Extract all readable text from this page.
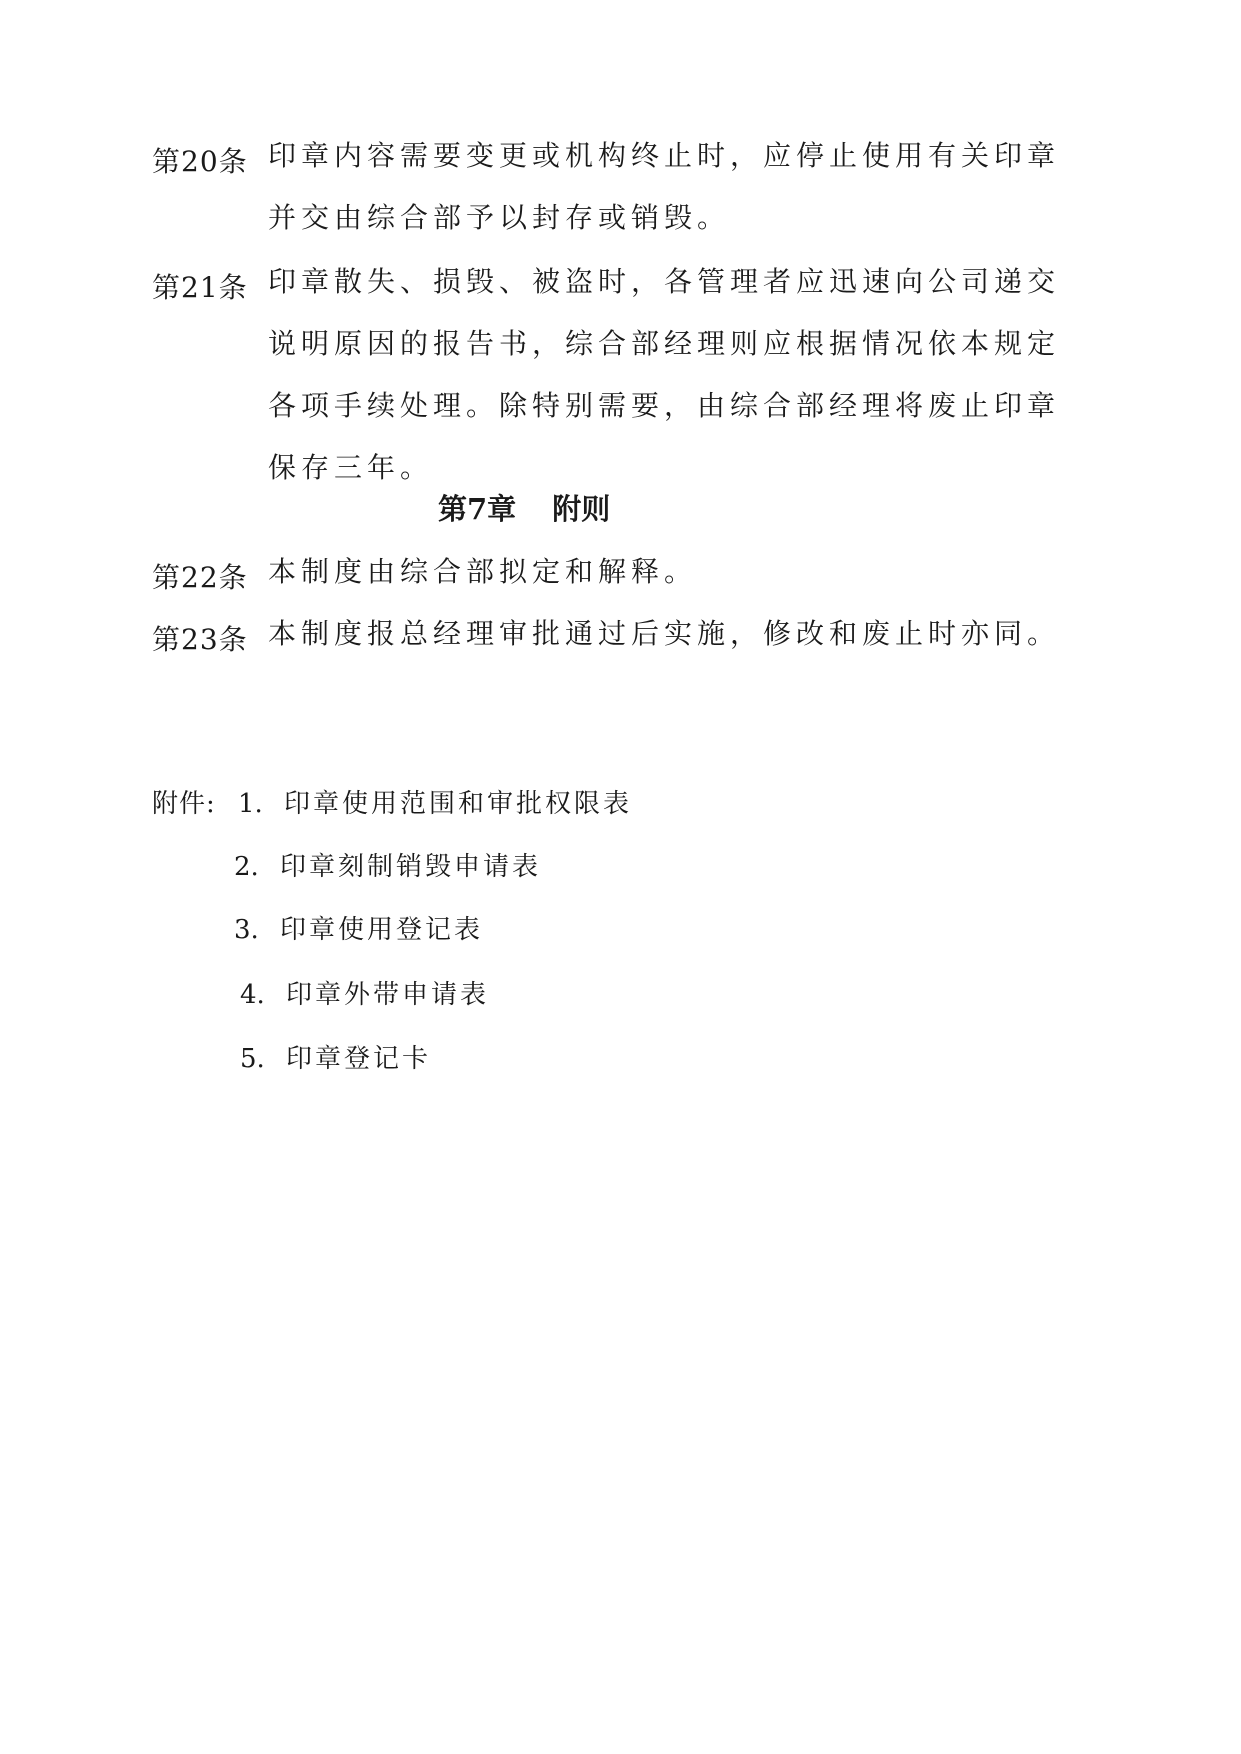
第20条 印章内容需要变更或机构终止时，应停止使用有关印章并交由综合部予以封存或销毁。
第21条 印章散失、损毁、被盗时，各管理者应迅速向公司递交说明原因的报告书，综合部经理则应根据情况依本规定各项手续处理。除特别需要，由综合部经理将废止印章保存三年。
第7章 附则
第22条 本制度由综合部拟定和解释。
第23条 本制度报总经理审批通过后实施，修改和废止时亦同。
附件: 1. 印章使用范围和审批权限表
2. 印章刻制销毁申请表
3. 印章使用登记表
4. 印章外带申请表
5. 印章登记卡
